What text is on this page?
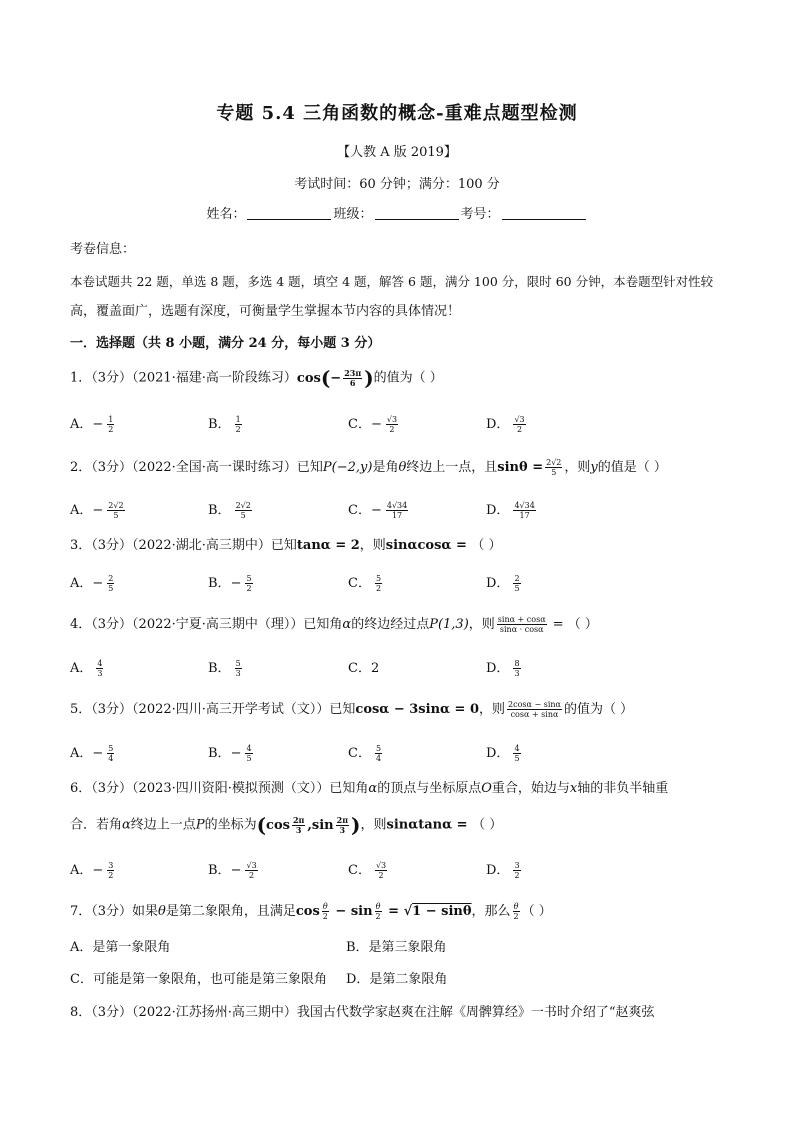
专题 5.4 三角函数的概念-重难点题型检测
【人教 A 版 2019】
考试时间：60 分钟；满分：100 分
姓名：	班级：	考号：
考卷信息：
本卷试题共 22 题，单选 8 题，多选 4 题，填空 4 题，解答 6 题，满分 100 分，限时 60 分钟，本卷题型针对性较
高，覆盖面广，选题有深度，可衡量学生掌握本节内容的具体情况！
一．选择题（共 8 小题，满分 24 分，每小题 3 分）
1．（3分）（2021·福建·高一阶段练习）$\cos(- \frac{23\pi}{6}$ )的值为（ ）
A．− $\frac{1}{2}$	B． $\frac{1}{2}$	C．− $\frac{√3}{2}$	D． $\frac{√3}{2}$
2．（3分）（2022·全国·高一课时练习）已知P(−2,y)是角θ终边上一点，且$\sin\theta = \frac{2√2}{5}$ ，则y的值是（ ）
A．− $\frac{2√2}{5}$	B． $\frac{2√2}{5}$	C．− $\frac{4√34}{17}$	D． $\frac{4√34}{17}$
3．（3分）（2022·湖北·高三期中）已知tanα = 2，则sinαcosα = （ ）
A．− $\frac{2}{5}$	B．− $\frac{5}{2}$	C． $\frac{5}{2}$	D． $\frac{2}{5}$
4．（3分）（2022·宁夏·高三期中（理））已知角α的终边经过点P(1,3)，则 $\frac{\sin\alpha + \cos\alpha}{\sin\alpha \cdot \cos\alpha}$ = （ ）
A． $\frac{4}{3}$	B． $\frac{5}{3}$	C．2	D． $\frac{8}{3}$
5．（3分）（2022·四川·高三开学考试（文））已知cosα − 3sinα = 0，则 $\frac{2\cos\alpha - \sin\alpha}{\cos\alpha + \sin\alpha}$ 的值为（ ）
A．− $\frac{5}{4}$	B．− $\frac{4}{5}$	C． $\frac{5}{4}$	D． $\frac{4}{5}$
6．（3分）（2023·四川资阳·模拟预测（文））已知角α的顶点与坐标原点O重合，始边与x轴的非负半轴重
合．若角α终边上一点P的坐标为($\cos \frac{2\pi}{3} ,\sin \frac{2\pi}{3}$ )，则sinαtanα = （ ）
A．− $\frac{3}{2}$	B．− $\frac{√3}{2}$	C． $\frac{√3}{2}$	D． $\frac{3}{2}$
7．（3分）如果θ是第二象限角，且满足$\cos \frac{\theta}{2} - \sin \frac{\theta}{2} = √1 - \sin\theta$，那么 $\frac{\theta}{2}$ （ ）
A．是第一象限角	B．是第三象限角
C．可能是第一象限角，也可能是第三象限角 D．是第二象限角
8．（3分）（2022·江苏扬州·高三期中）我国古代数学家赵爽在注解《周髀算经》一书时介绍了“赵爽弦
